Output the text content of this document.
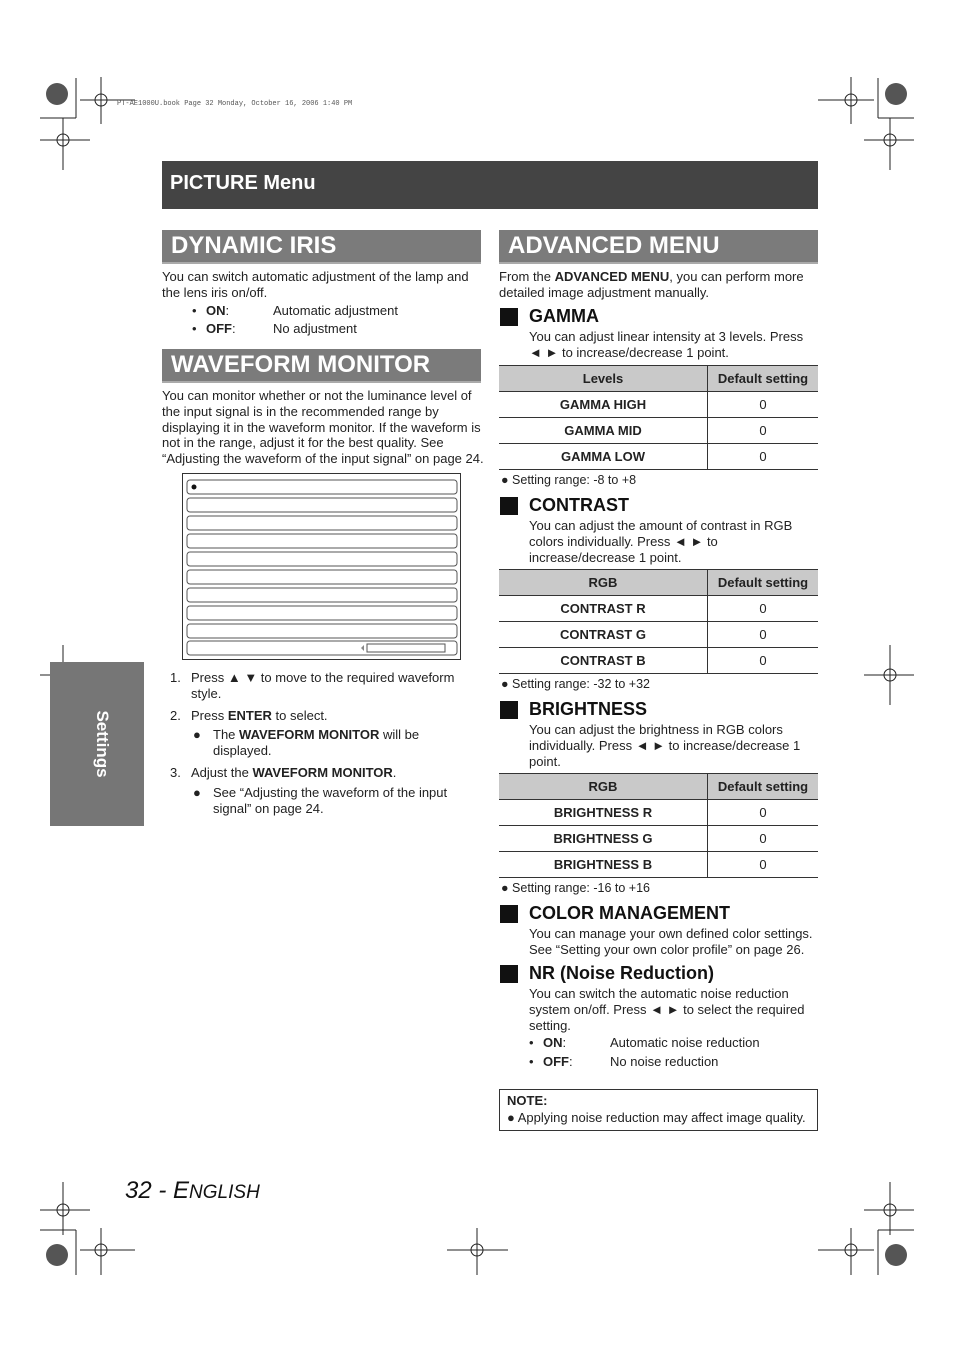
PT-AE1000U.book Page 32 Monday, October 16, 2006 1:40 PM
PICTURE Menu
DYNAMIC IRIS
You can switch automatic adjustment of the lamp and the lens iris on/off.
• ON:	Automatic adjustment
• OFF:	No adjustment
WAVEFORM MONITOR
You can monitor whether or not the luminance level of the input signal is in the recommended range by displaying it in the waveform monitor. If the waveform is not in the range, adjust it for the best quality. See “Adjusting the waveform of the input signal” on page 24.
1. Press ▲ ▼ to move to the required waveform style.
2. Press ENTER to select.
● The WAVEFORM MONITOR will be displayed.
3. Adjust the WAVEFORM MONITOR.
● See “Adjusting the waveform of the input signal” on page 24.
Settings
ADVANCED MENU
From the ADVANCED MENU, you can perform more detailed image adjustment manually.
GAMMA
You can adjust linear intensity at 3 levels. Press ◄ ► to increase/decrease 1 point.
Levels	Default setting
GAMMA HIGH	0
GAMMA MID	0
GAMMA LOW	0
● Setting range: -8 to +8
CONTRAST
You can adjust the amount of contrast in RGB colors individually. Press ◄ ► to increase/decrease 1 point.
RGB	Default setting
CONTRAST R	0
CONTRAST G	0
CONTRAST B	0
● Setting range: -32 to +32
BRIGHTNESS
You can adjust the brightness in RGB colors individually. Press ◄ ► to increase/decrease 1 point.
RGB	Default setting
BRIGHTNESS R	0
BRIGHTNESS G	0
BRIGHTNESS B	0
● Setting range: -16 to +16
COLOR MANAGEMENT
You can manage your own defined color settings. See “Setting your own color profile” on page 26.
NR (Noise Reduction)
You can switch the automatic noise reduction system on/off. Press ◄ ► to select the required setting.
• ON:	Automatic noise reduction
• OFF:	No noise reduction
NOTE:
● Applying noise reduction may affect image quality.
32 - ENGLISH
